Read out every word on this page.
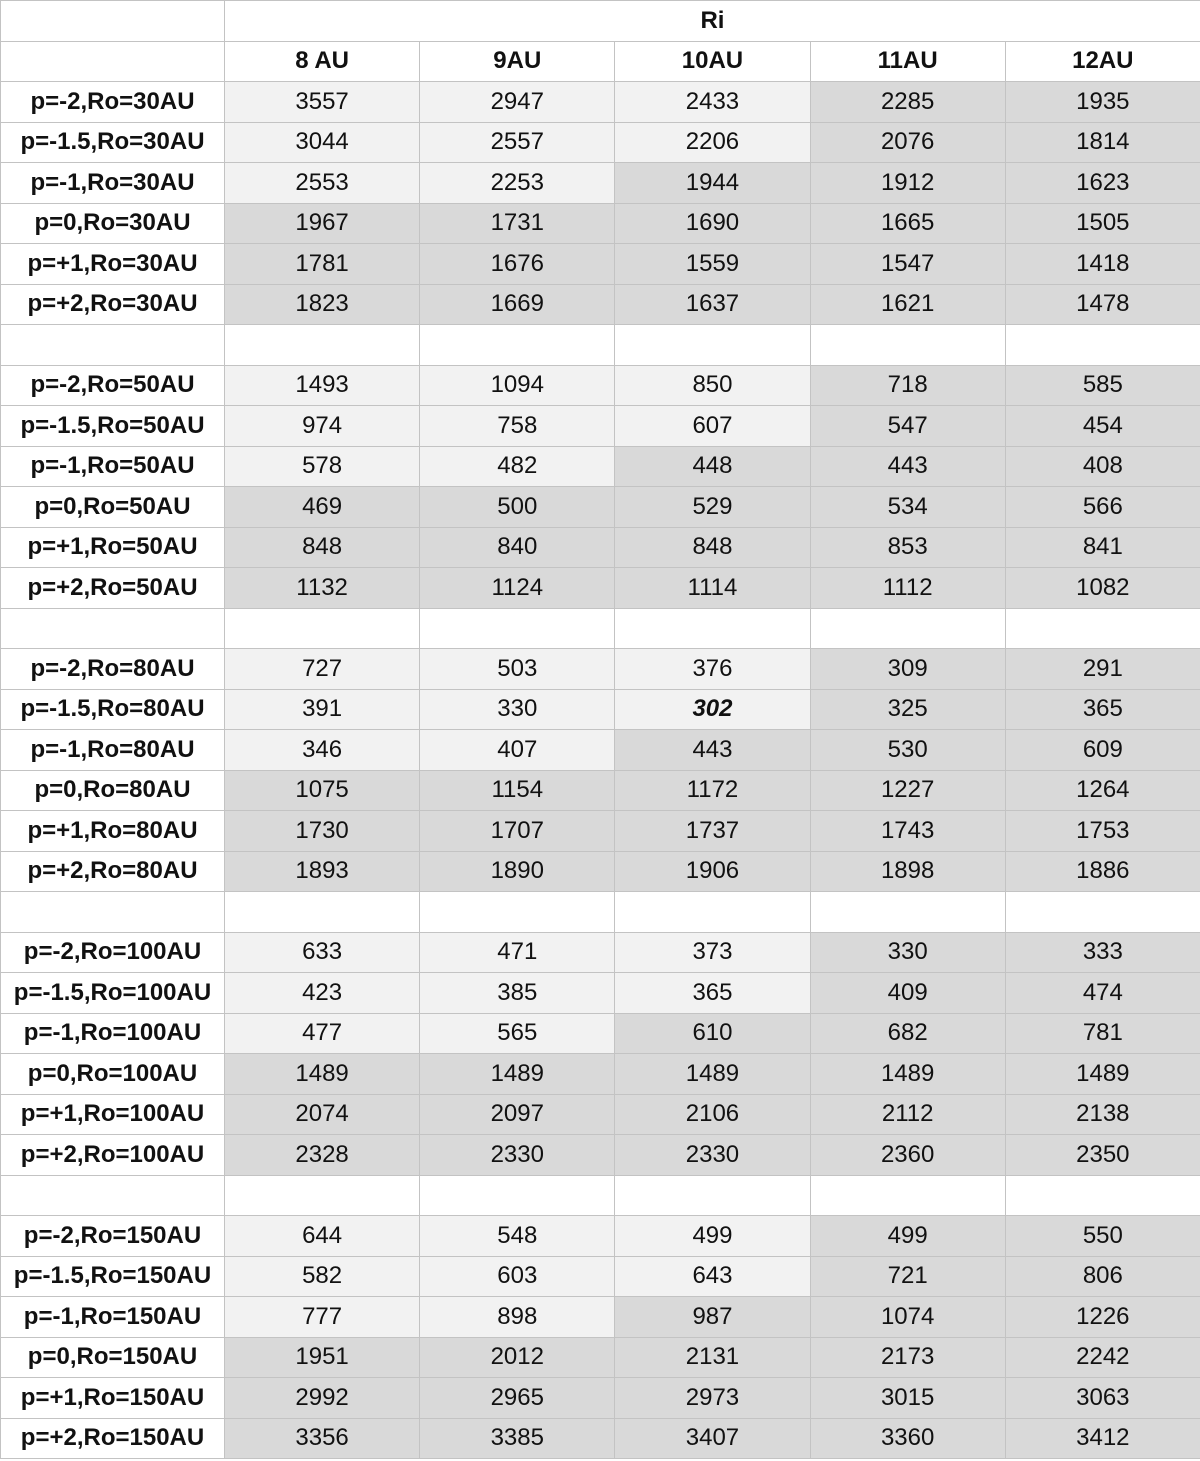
	Ri				
	8 AU	9AU	10AU	11AU	12AU
p=-2,Ro=30AU	3557	2947	2433	2285	1935
p=-1.5,Ro=30AU	3044	2557	2206	2076	1814
p=-1,Ro=30AU	2553	2253	1944	1912	1623
p=0,Ro=30AU	1967	1731	1690	1665	1505
p=+1,Ro=30AU	1781	1676	1559	1547	1418
p=+2,Ro=30AU	1823	1669	1637	1621	1478

p=-2,Ro=50AU	1493	1094	850	718	585
p=-1.5,Ro=50AU	974	758	607	547	454
p=-1,Ro=50AU	578	482	448	443	408
p=0,Ro=50AU	469	500	529	534	566
p=+1,Ro=50AU	848	840	848	853	841
p=+2,Ro=50AU	1132	1124	1114	1112	1082

p=-2,Ro=80AU	727	503	376	309	291
p=-1.5,Ro=80AU	391	330	302	325	365
p=-1,Ro=80AU	346	407	443	530	609
p=0,Ro=80AU	1075	1154	1172	1227	1264
p=+1,Ro=80AU	1730	1707	1737	1743	1753
p=+2,Ro=80AU	1893	1890	1906	1898	1886

p=-2,Ro=100AU	633	471	373	330	333
p=-1.5,Ro=100AU	423	385	365	409	474
p=-1,Ro=100AU	477	565	610	682	781
p=0,Ro=100AU	1489	1489	1489	1489	1489
p=+1,Ro=100AU	2074	2097	2106	2112	2138
p=+2,Ro=100AU	2328	2330	2330	2360	2350

p=-2,Ro=150AU	644	548	499	499	550
p=-1.5,Ro=150AU	582	603	643	721	806
p=-1,Ro=150AU	777	898	987	1074	1226
p=0,Ro=150AU	1951	2012	2131	2173	2242
p=+1,Ro=150AU	2992	2965	2973	3015	3063
p=+2,Ro=150AU	3356	3385	3407	3360	3412
